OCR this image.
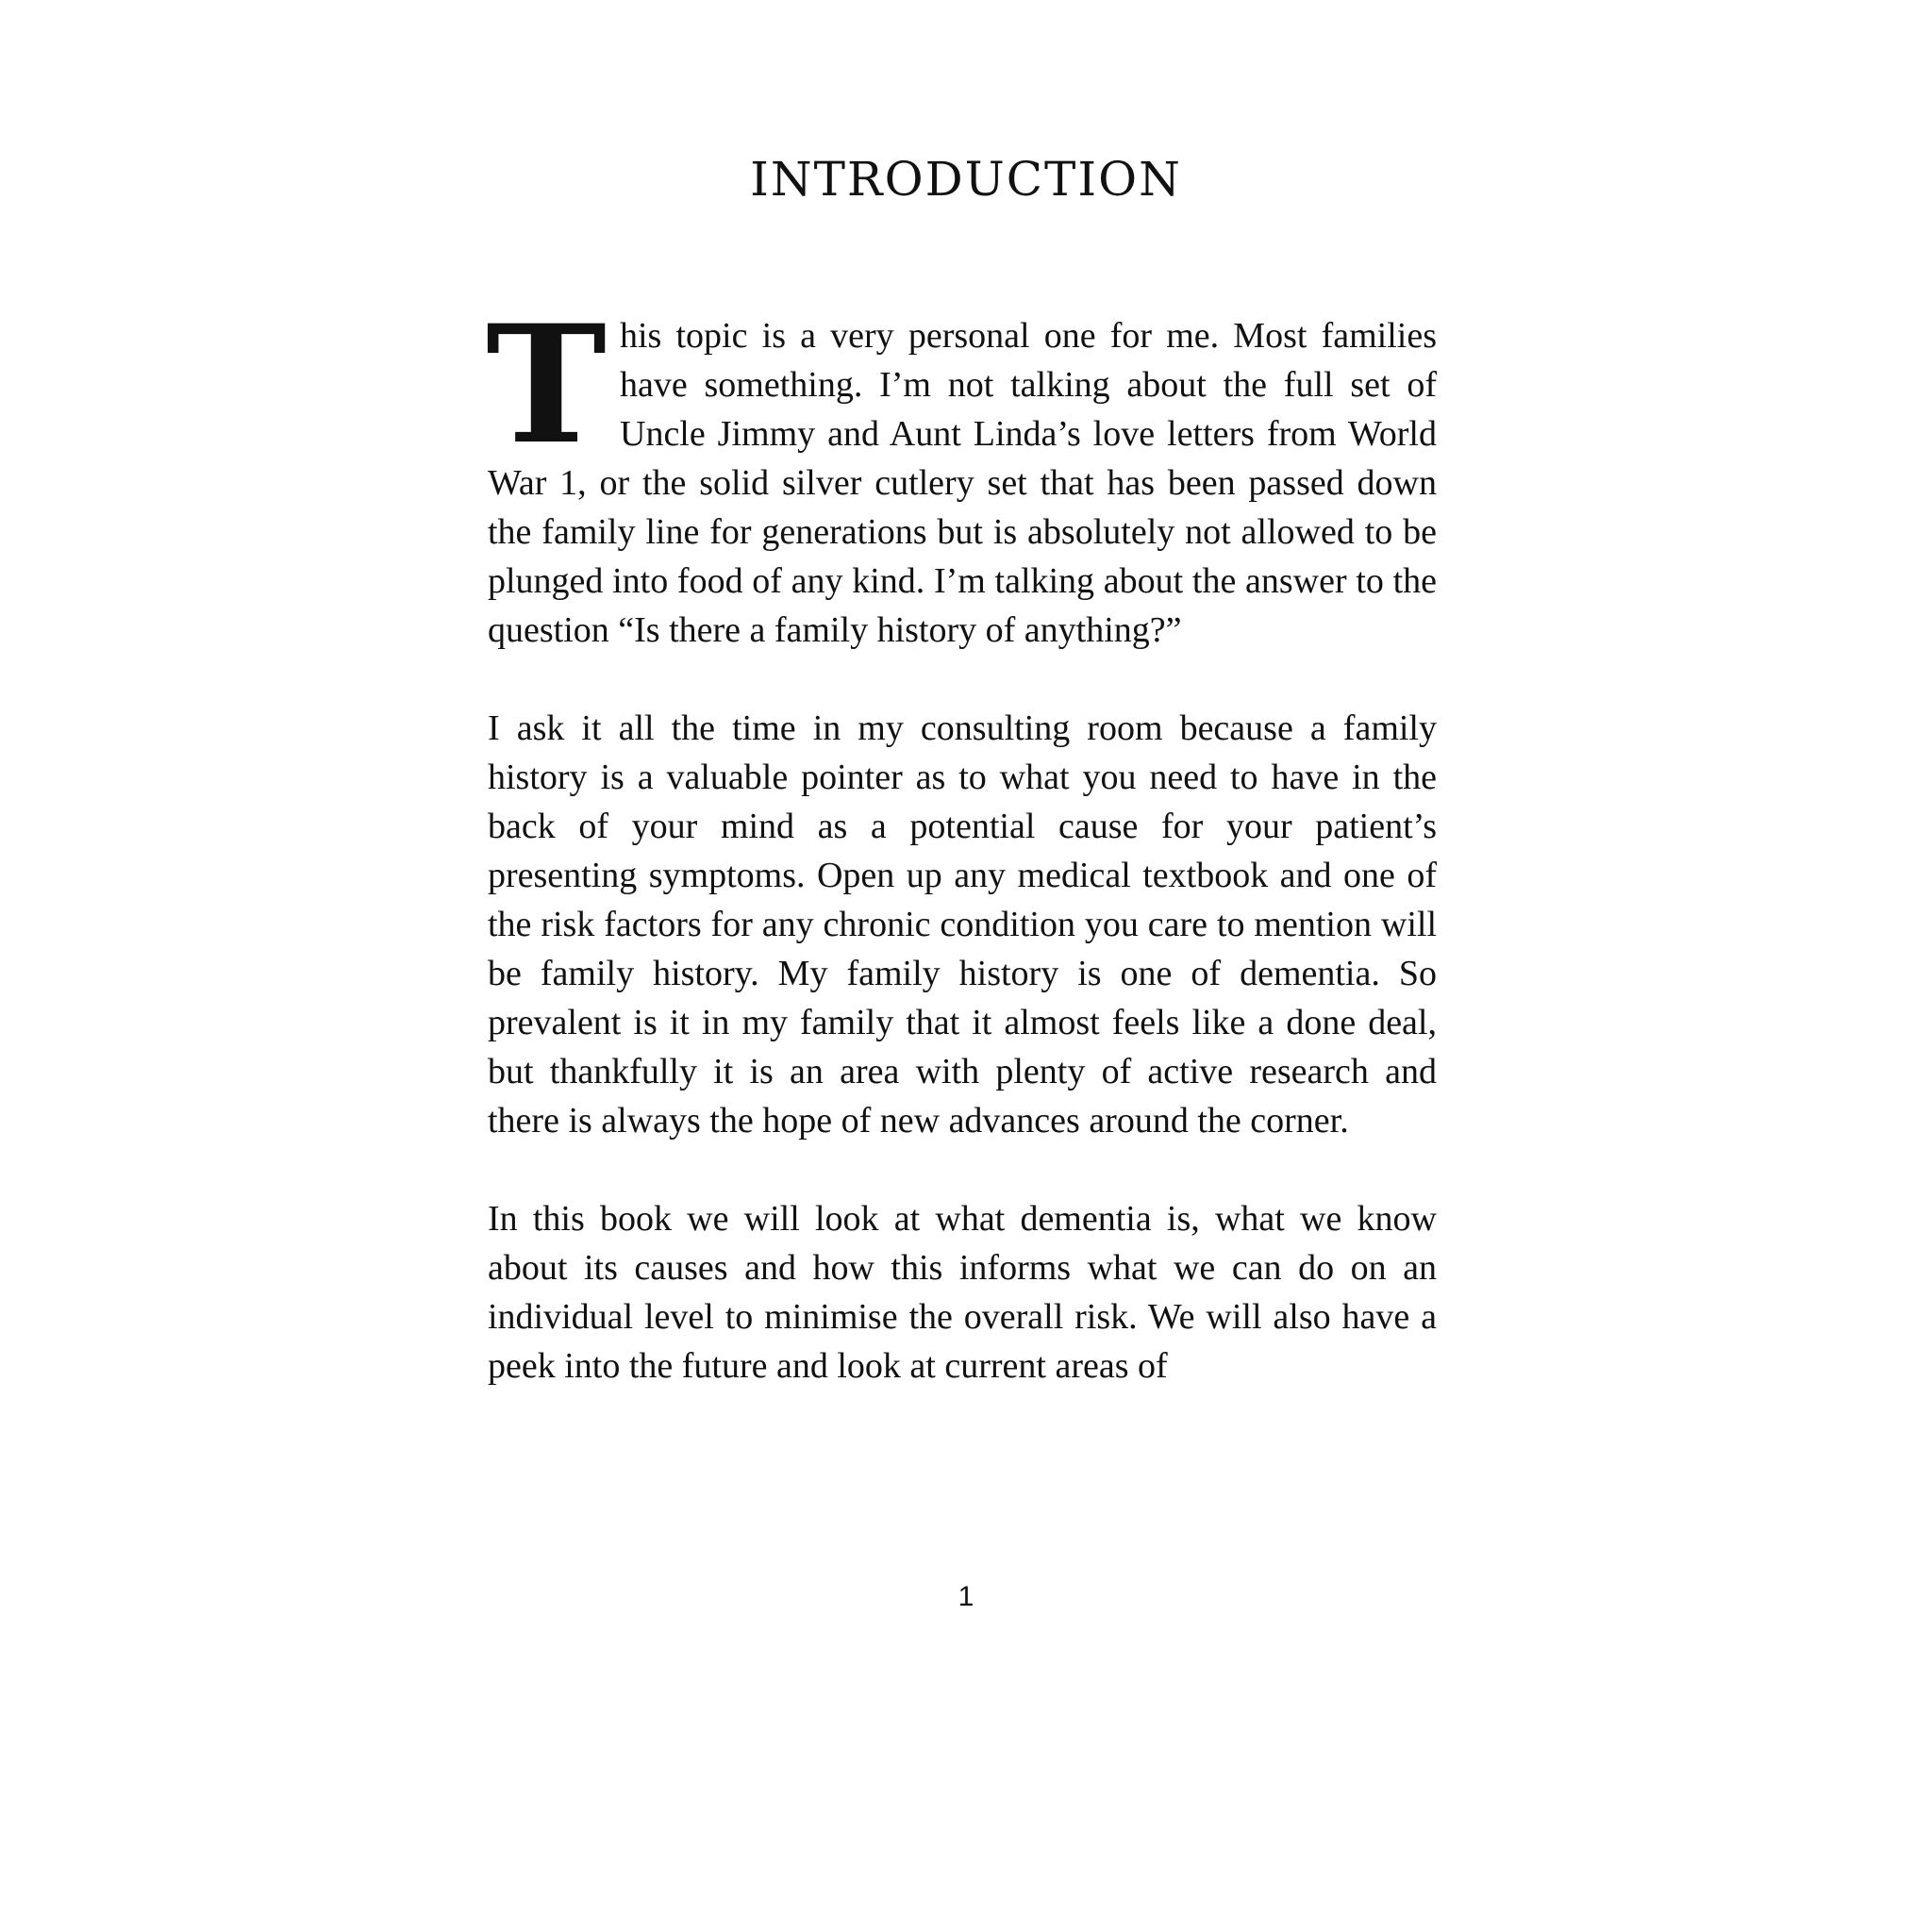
INTRODUCTION

This topic is a very personal one for me. Most families have something. I’m not talking about the full set of Uncle Jimmy and Aunt Linda’s love letters from World War 1, or the solid silver cutlery set that has been passed down the family line for generations but is absolutely not allowed to be plunged into food of any kind. I’m talking about the answer to the question “Is there a family history of anything?”

I ask it all the time in my consulting room because a family history is a valuable pointer as to what you need to have in the back of your mind as a potential cause for your patient’s presenting symptoms. Open up any medical textbook and one of the risk factors for any chronic condition you care to mention will be family history. My family history is one of dementia. So prevalent is it in my family that it almost feels like a done deal, but thankfully it is an area with plenty of active research and there is always the hope of new advances around the corner.

In this book we will look at what dementia is, what we know about its causes and how this informs what we can do on an individual level to minimise the overall risk. We will also have a peek into the future and look at current areas of

1
